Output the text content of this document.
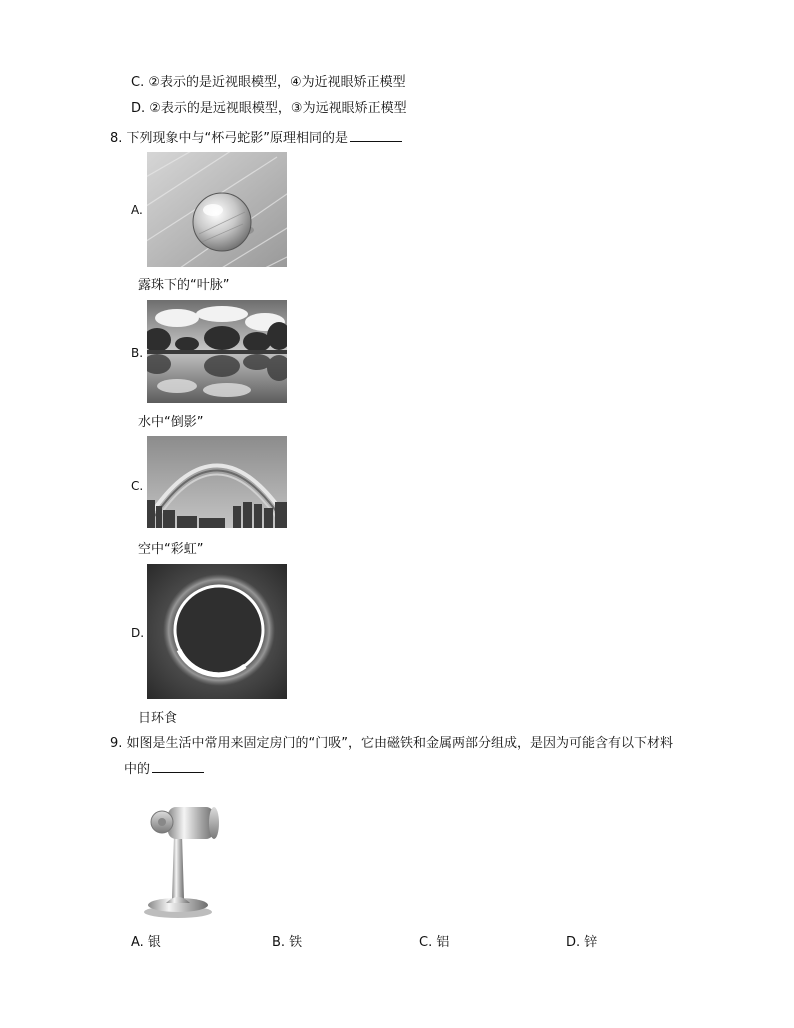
C. ②表示的是近视眼模型，④为近视眼矫正模型
D. ②表示的是远视眼模型，③为远视眼矫正模型
8. 下列现象中与“杯弓蛇影”原理相同的是
A.
露珠下的“叶脉”
B.
水中“倒影”
C.
空中“彩虹”
D.
日环食
9. 如图是生活中常用来固定房门的“门吸”，它由磁铁和金属两部分组成，是因为可能含有以下材料
中的
A. 银	B. 铁	C. 铝	D. 锌
